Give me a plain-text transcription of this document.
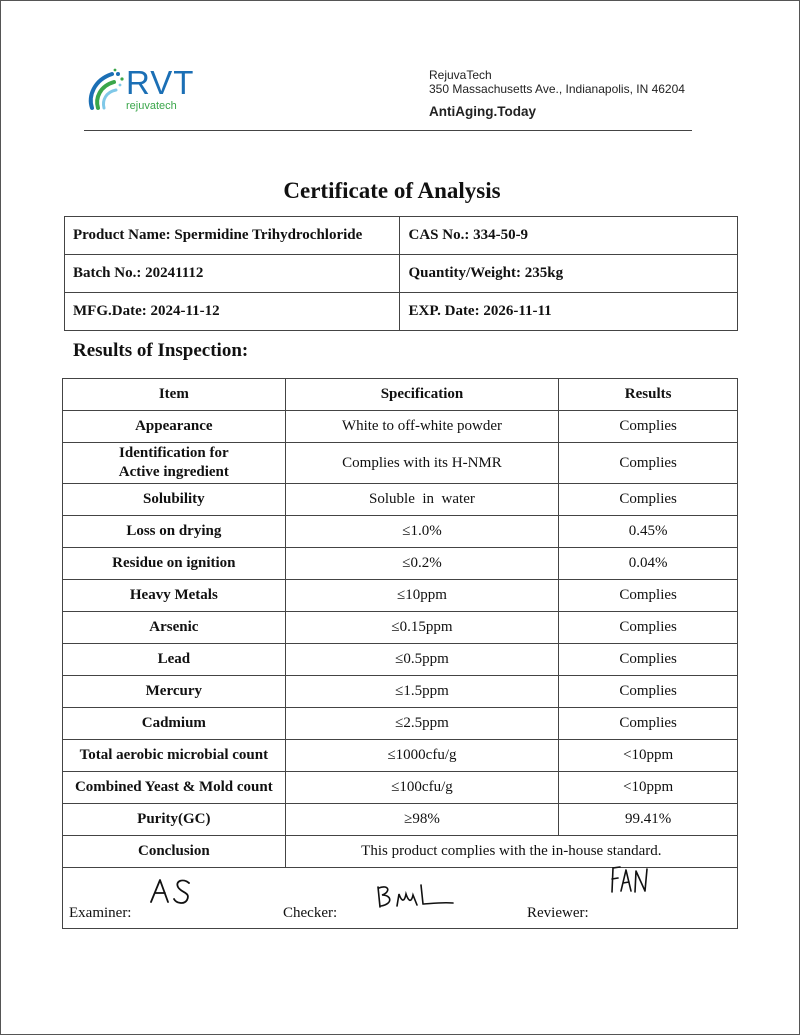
RVT
rejuvatech
RejuvaTech
350 Massachusetts Ave., Indianapolis, IN 46204
AntiAging.Today
Certificate of Analysis
Product Name: Spermidine Trihydrochloride	CAS No.: 334-50-9
Batch No.: 20241112	Quantity/Weight: 235kg
MFG.Date: 2024-11-12	EXP. Date: 2026-11-11
Results of Inspection:
Item	Specification	Results
Appearance	White to off-white powder	Complies
Identification for
Active ingredient	Complies with its H-NMR	Complies
Solubility	Soluble  in  water	Complies
Loss on drying	≤1.0%	0.45%
Residue on ignition	≤0.2%	0.04%
Heavy Metals	≤10ppm	Complies
Arsenic	≤0.15ppm	Complies
Lead	≤0.5ppm	Complies
Mercury	≤1.5ppm	Complies
Cadmium	≤2.5ppm	Complies
Total aerobic microbial count	≤1000cfu/g	<10ppm
Combined Yeast & Mold count	≤100cfu/g	<10ppm
Purity(GC)	≥98%	99.41%
Conclusion	This product complies with the in-house standard.	

Examiner: Checker: Reviewer:		
